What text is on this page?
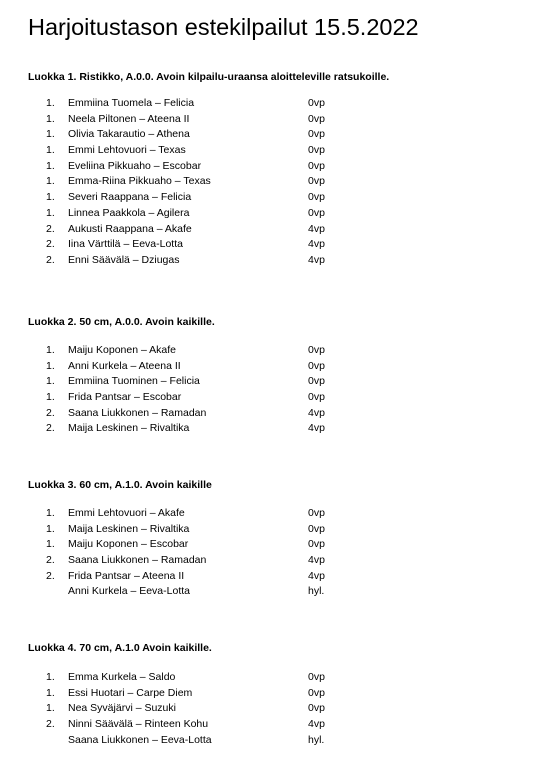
Harjoitustason estekilpailut 15.5.2022
Luokka 1. Ristikko, A.0.0. Avoin kilpailu-uraansa aloitteleville ratsukoille.
1. Emmiina Tuomela – Felicia	0vp
1. Neela Piltonen – Ateena II	0vp
1. Olivia Takarautio – Athena	0vp
1. Emmi Lehtovuori – Texas	0vp
1. Eveliina Pikkuaho – Escobar	0vp
1. Emma-Riina Pikkuaho – Texas	0vp
1. Severi Raappana – Felicia	0vp
1. Linnea Paakkola – Agilera	0vp
2. Aukusti Raappana – Akafe	4vp
2. Iina Värttilä – Eeva-Lotta	4vp
2. Enni Säävälä – Dziugas	4vp
Luokka 2. 50 cm, A.0.0. Avoin kaikille.
1. Maiju Koponen – Akafe	0vp
1. Anni Kurkela – Ateena II	0vp
1. Emmiina Tuominen – Felicia	0vp
1. Frida Pantsar – Escobar	0vp
2. Saana Liukkonen – Ramadan	4vp
2. Maija Leskinen – Rivaltika	4vp
Luokka 3. 60 cm, A.1.0. Avoin kaikille
1. Emmi Lehtovuori – Akafe	0vp
1. Maija Leskinen – Rivaltika	0vp
1. Maiju Koponen – Escobar	0vp
2. Saana Liukkonen – Ramadan	4vp
2. Frida Pantsar – Ateena II	4vp
Anni Kurkela – Eeva-Lotta	hyl.
Luokka 4. 70 cm, A.1.0 Avoin kaikille.
1. Emma Kurkela – Saldo	0vp
1. Essi Huotari – Carpe Diem	0vp
1. Nea Syväjärvi – Suzuki	0vp
2. Ninni Säävälä – Rinteen Kohu	4vp
Saana Liukkonen – Eeva-Lotta	hyl.
